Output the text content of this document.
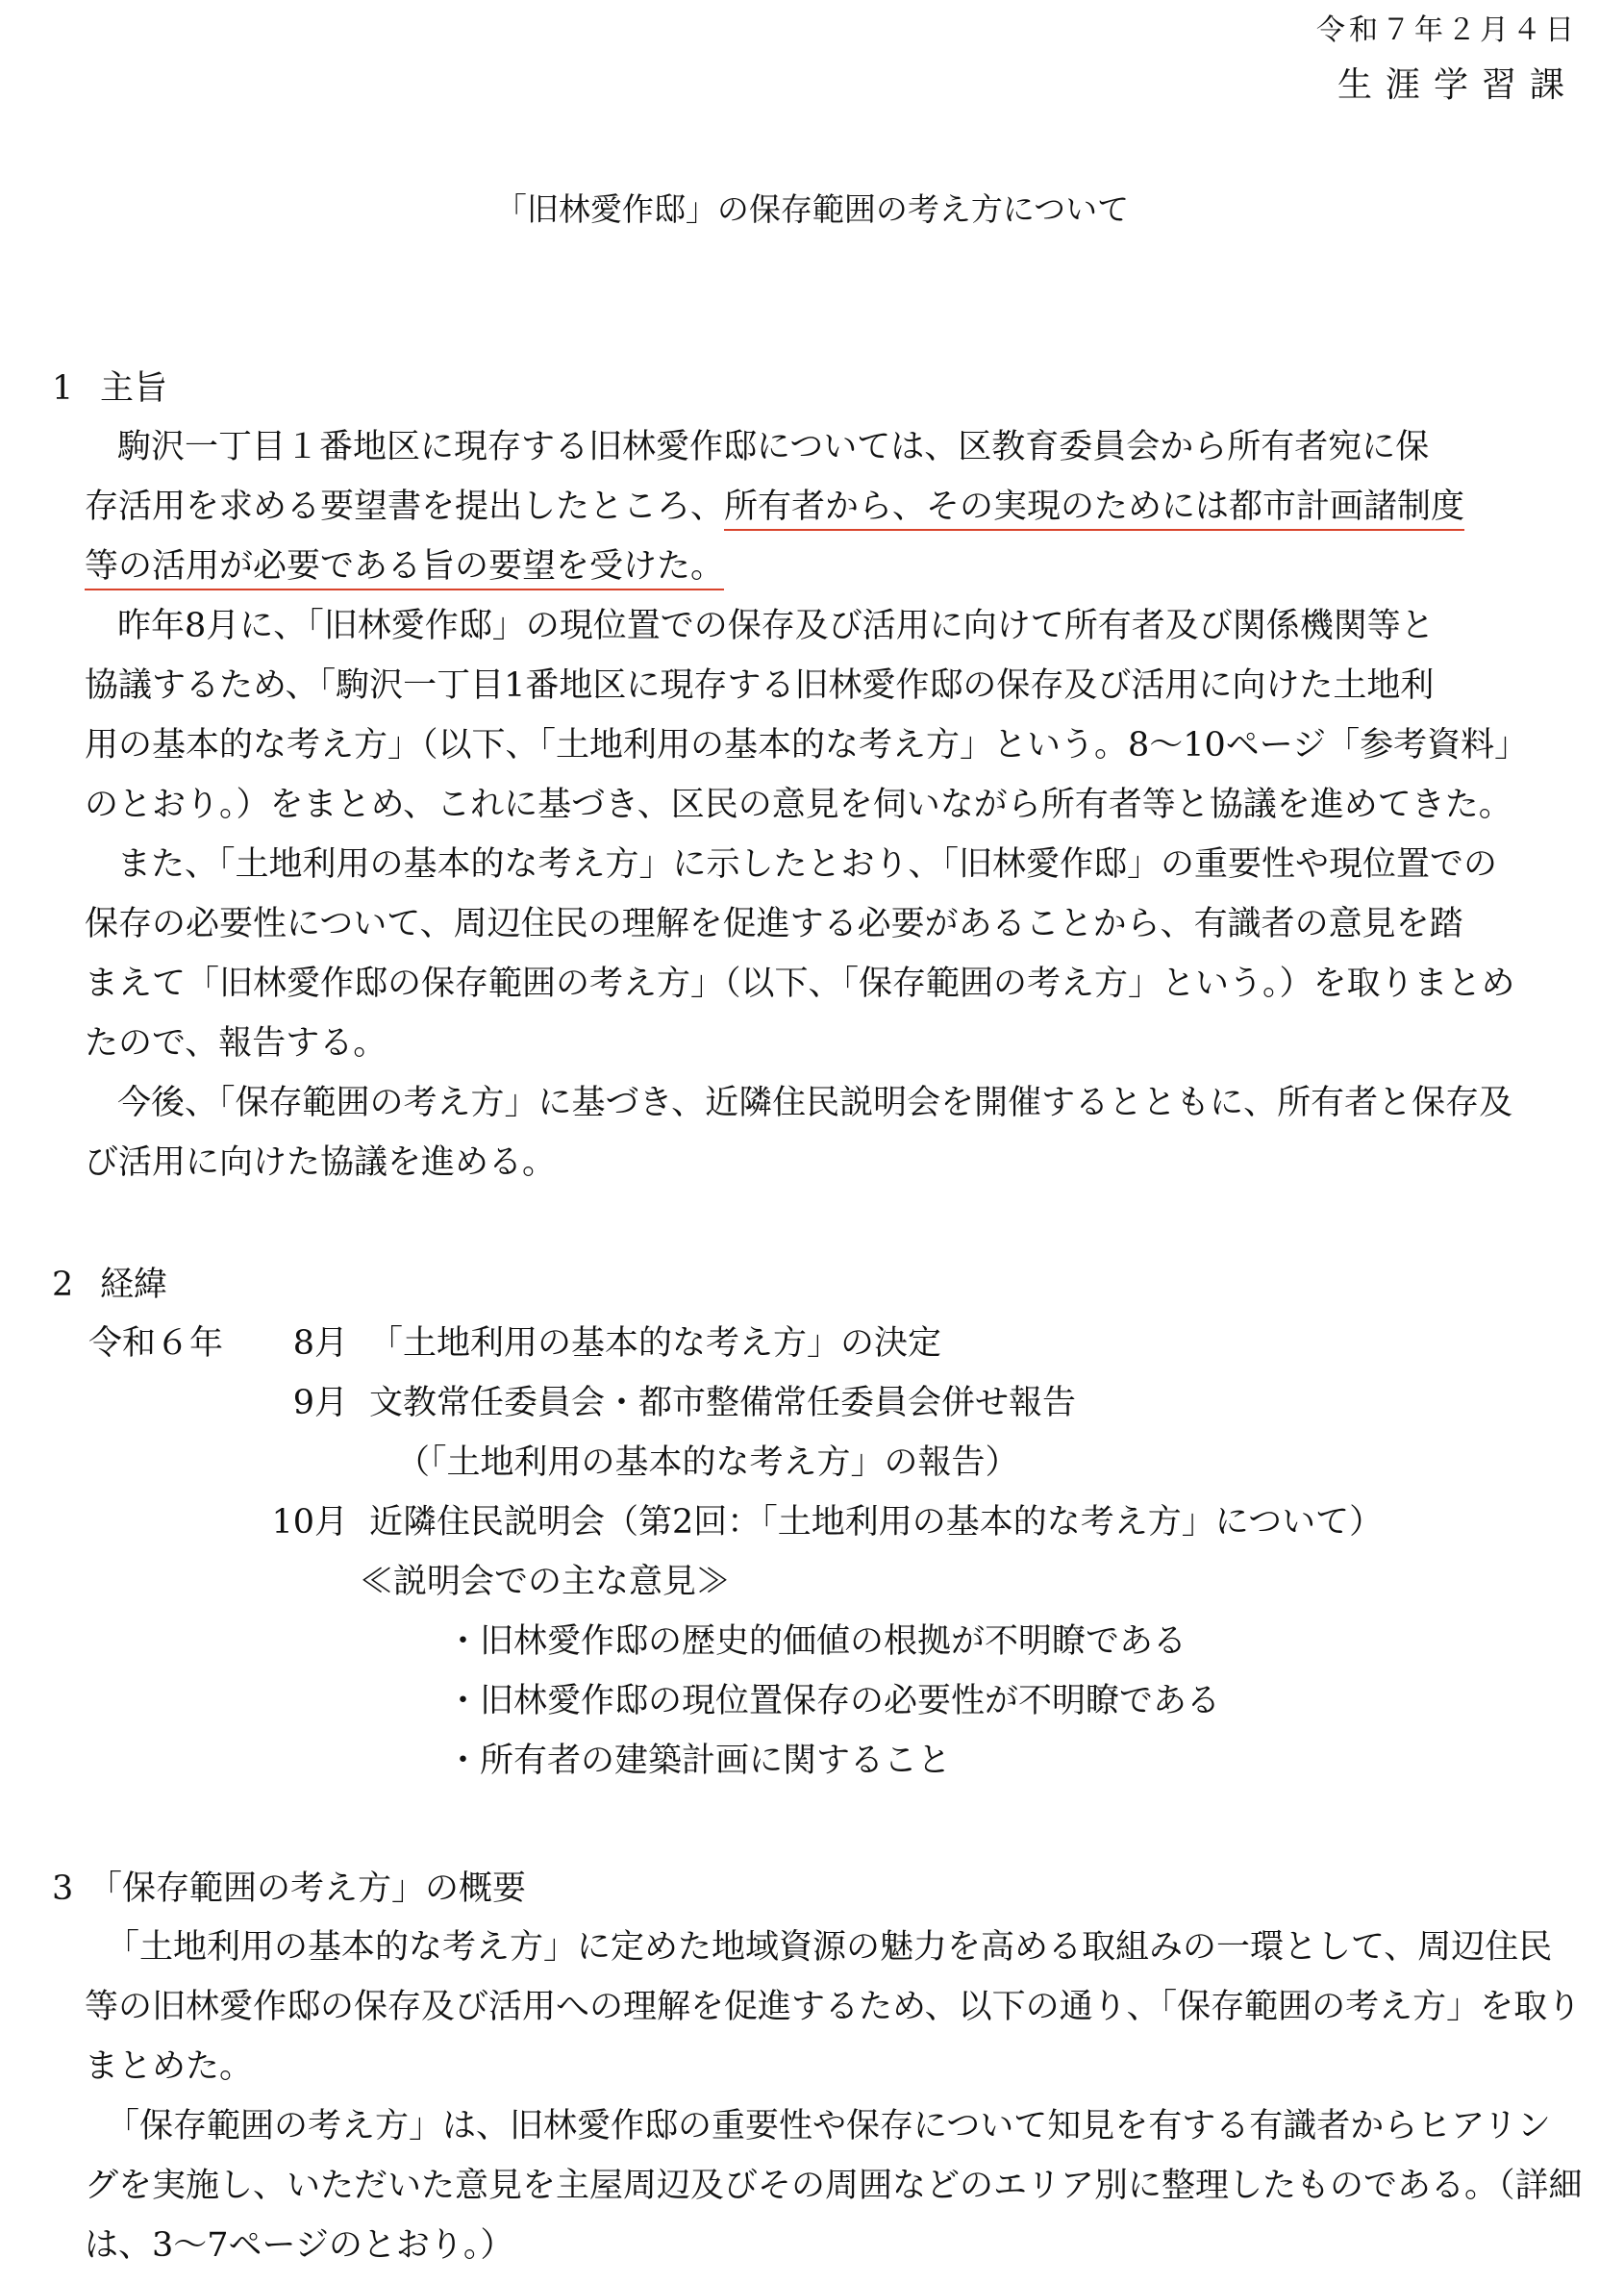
令和７年２月４日
生涯学習課
「旧林愛作邸」の保存範囲の考え方について
1 主旨
駒沢一丁目１番地区に現存する旧林愛作邸については、区教育委員会から所有者宛に保
存活用を求める要望書を提出したところ、所有者から、その実現のためには都市計画諸制度
等の活用が必要である旨の要望を受けた。
昨年8月に、「旧林愛作邸」の現位置での保存及び活用に向けて所有者及び関係機関等と
協議するため、「駒沢一丁目1番地区に現存する旧林愛作邸の保存及び活用に向けた土地利
用の基本的な考え方」（以下、「土地利用の基本的な考え方」という。8～10ページ「参考資料」
のとおり。）をまとめ、これに基づき、区民の意見を伺いながら所有者等と協議を進めてきた。
また、「土地利用の基本的な考え方」に示したとおり、「旧林愛作邸」の重要性や現位置での
保存の必要性について、周辺住民の理解を促進する必要があることから、有識者の意見を踏
まえて「旧林愛作邸の保存範囲の考え方」（以下、「保存範囲の考え方」という。）を取りまとめ
たので、報告する。
今後、「保存範囲の考え方」に基づき、近隣住民説明会を開催するとともに、所有者と保存及
び活用に向けた協議を進める。
2 経緯
令和６年	8月 「土地利用の基本的な考え方」の決定
9月 文教常任委員会・都市整備常任委員会併せ報告
（「土地利用の基本的な考え方」の報告）
10月 近隣住民説明会（第2回：「土地利用の基本的な考え方」について）
≪説明会での主な意見≫
・旧林愛作邸の歴史的価値の根拠が不明瞭である
・旧林愛作邸の現位置保存の必要性が不明瞭である
・所有者の建築計画に関すること
3 「保存範囲の考え方」の概要
「土地利用の基本的な考え方」に定めた地域資源の魅力を高める取組みの一環として、周辺住民
等の旧林愛作邸の保存及び活用への理解を促進するため、以下の通り、「保存範囲の考え方」を取り
まとめた。
「保存範囲の考え方」は、旧林愛作邸の重要性や保存について知見を有する有識者からヒアリン
グを実施し、いただいた意見を主屋周辺及びその周囲などのエリア別に整理したものである。（詳細
は、3～7ページのとおり。）
